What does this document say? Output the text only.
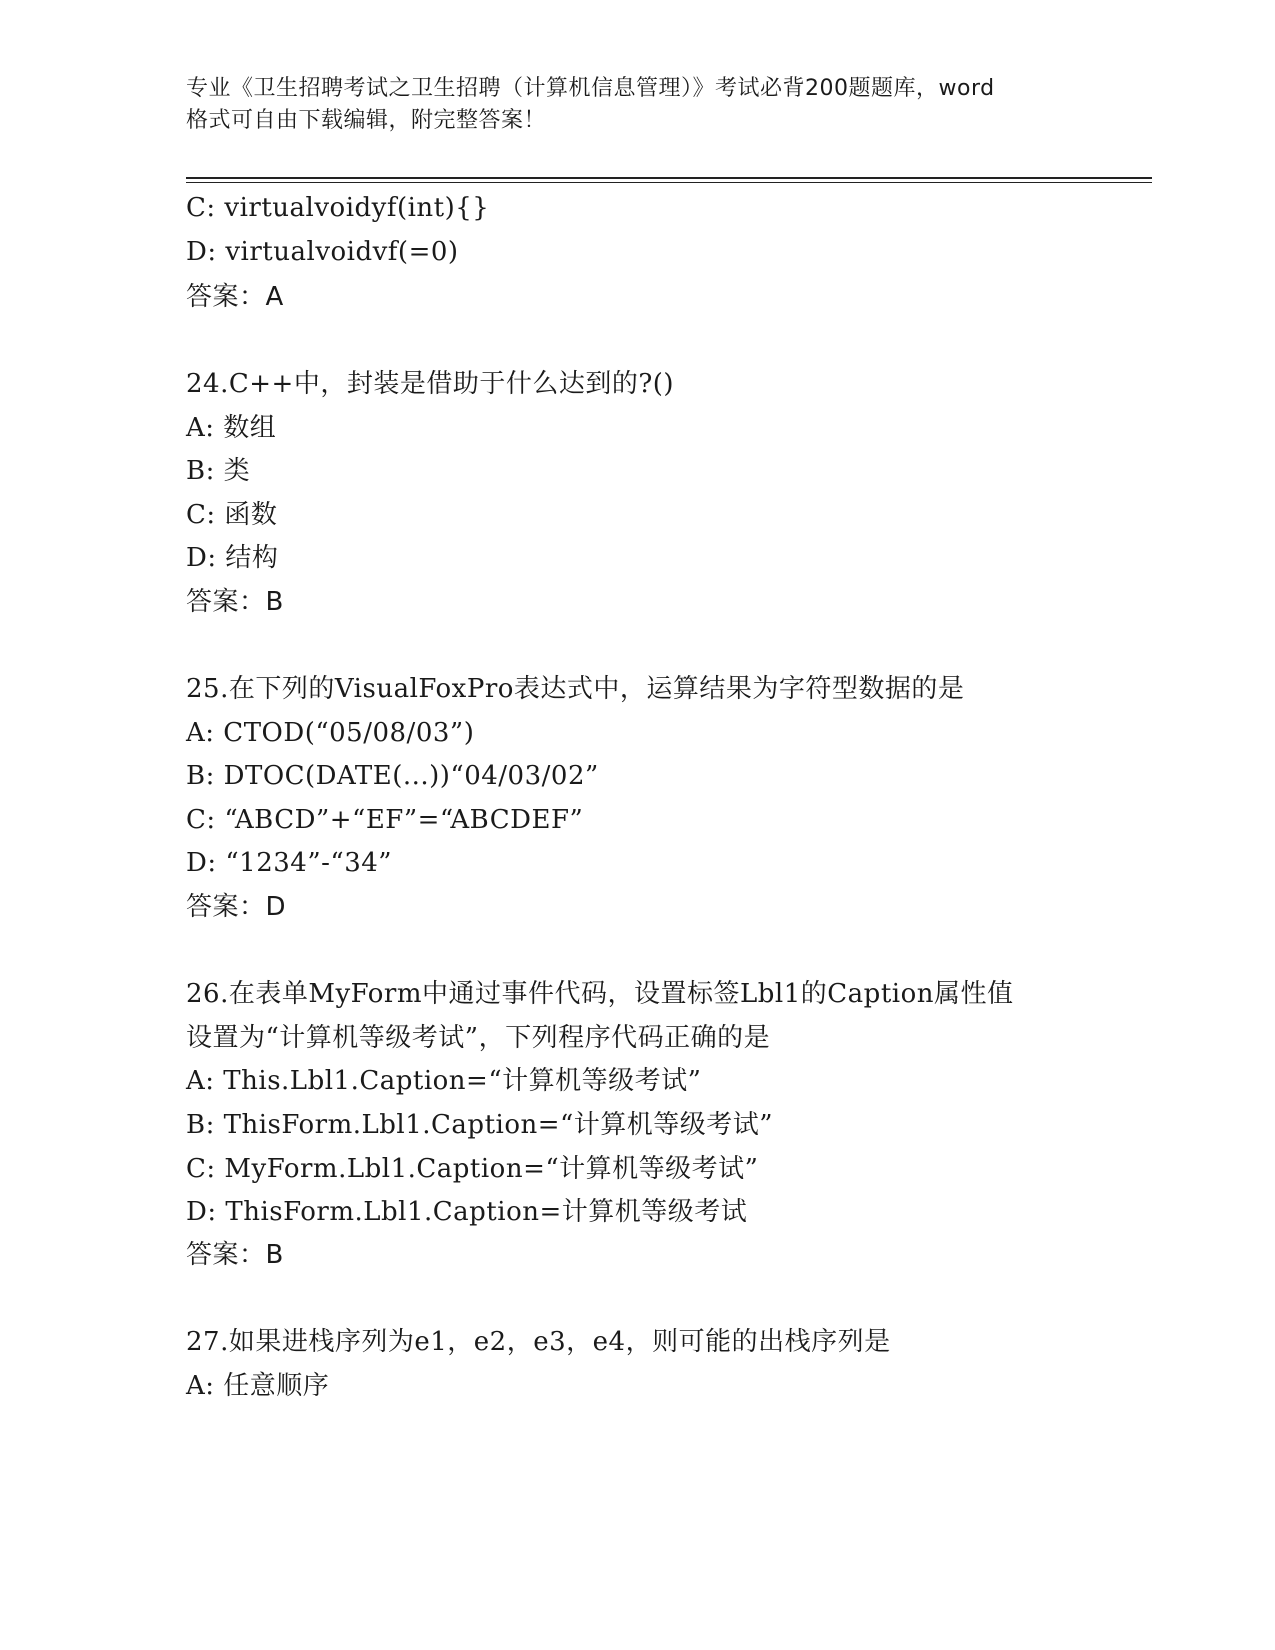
专业《卫生招聘考试之卫生招聘（计算机信息管理）》考试必背200题题库，word
格式可自由下载编辑，附完整答案！
C: virtualvoidyf(int){}
D: virtualvoidvf(=0)
答案：A
24.C++中，封装是借助于什么达到的?()
A: 数组
B: 类
C: 函数
D: 结构
答案：B
25.在下列的VisualFoxPro表达式中，运算结果为字符型数据的是
A: CTOD(“05/08/03”)
B: DTOC(DATE(...))“04/03/02”
C: “ABCD”+“EF”=“ABCDEF”
D: “1234”-“34”
答案：D
26.在表单MyForm中通过事件代码，设置标签Lbl1的Caption属性值
设置为“计算机等级考试”，下列程序代码正确的是
A: This.Lbl1.Caption=“计算机等级考试”
B: ThisForm.Lbl1.Caption=“计算机等级考试”
C: MyForm.Lbl1.Caption=“计算机等级考试”
D: ThisForm.Lbl1.Caption=计算机等级考试
答案：B
27.如果进栈序列为e1，e2，e3，e4，则可能的出栈序列是
A: 任意顺序
